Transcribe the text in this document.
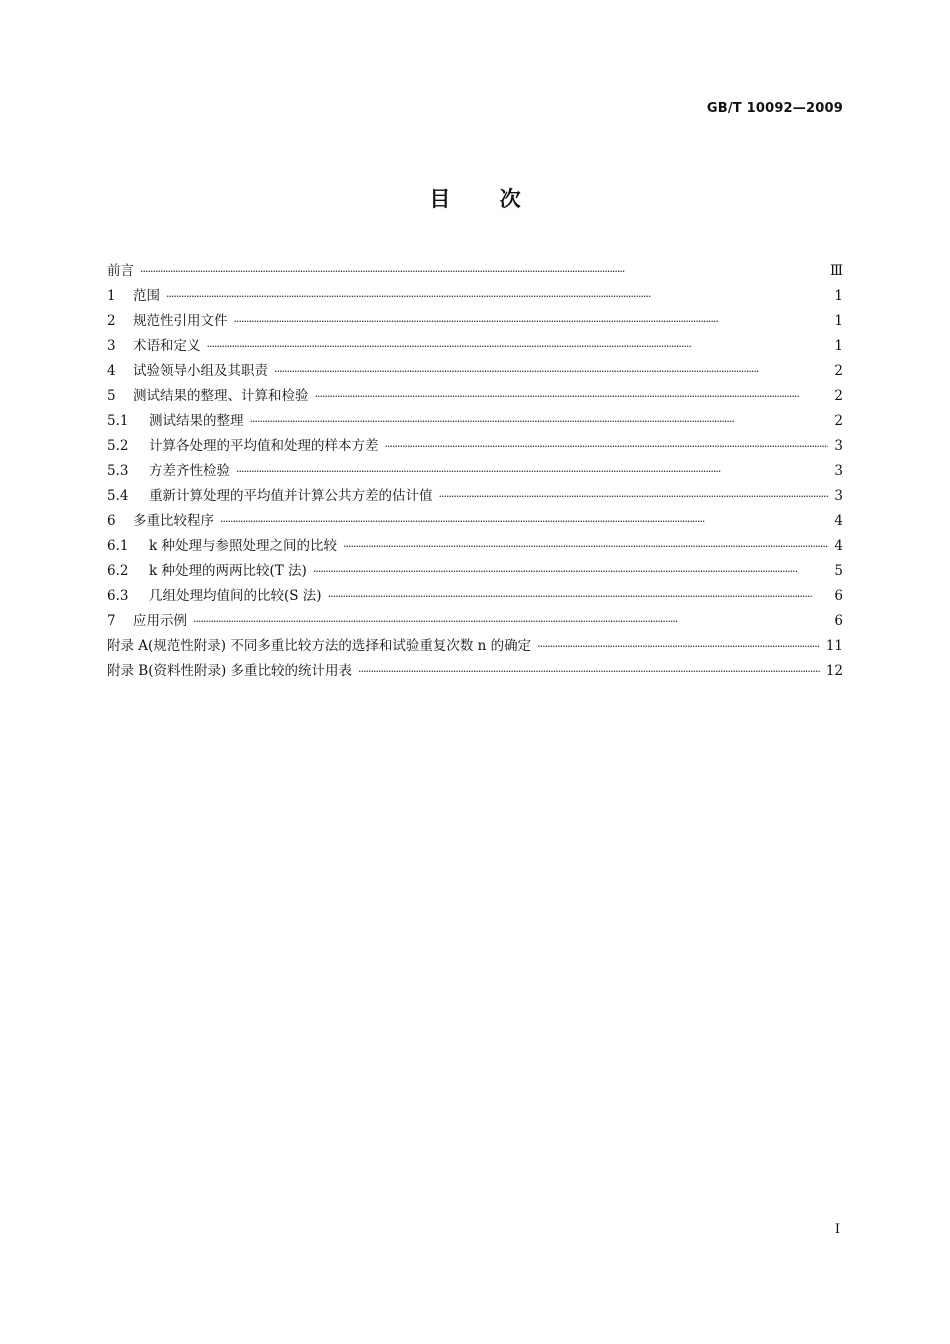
GB/T 10092—2009
目 次
前言 ·····	Ⅲ
1	范围 ·····	1
2	规范性引用文件 ·····	1
3	术语和定义 ·····	1
4	试验领导小组及其职责 ·····	2
5	测试结果的整理、计算和检验 ·····	2
5.1	测试结果的整理 ·····	2
5.2	计算各处理的平均值和处理的样本方差 ·····	3
5.3	方差齐性检验 ·····	3
5.4	重新计算处理的平均值并计算公共方差的估计值 ·····	3
6	多重比较程序 ·····	4
6.1	k 种处理与参照处理之间的比较 ·····	4
6.2	k 种处理的两两比较(T 法) ·····	5
6.3	几组处理均值间的比较(S 法) ·····	6
7	应用示例 ·····	6
附录 A(规范性附录) 不同多重比较方法的选择和试验重复次数 n 的确定 ·····	11
附录 B(资料性附录) 多重比较的统计用表 ·····	12
I
